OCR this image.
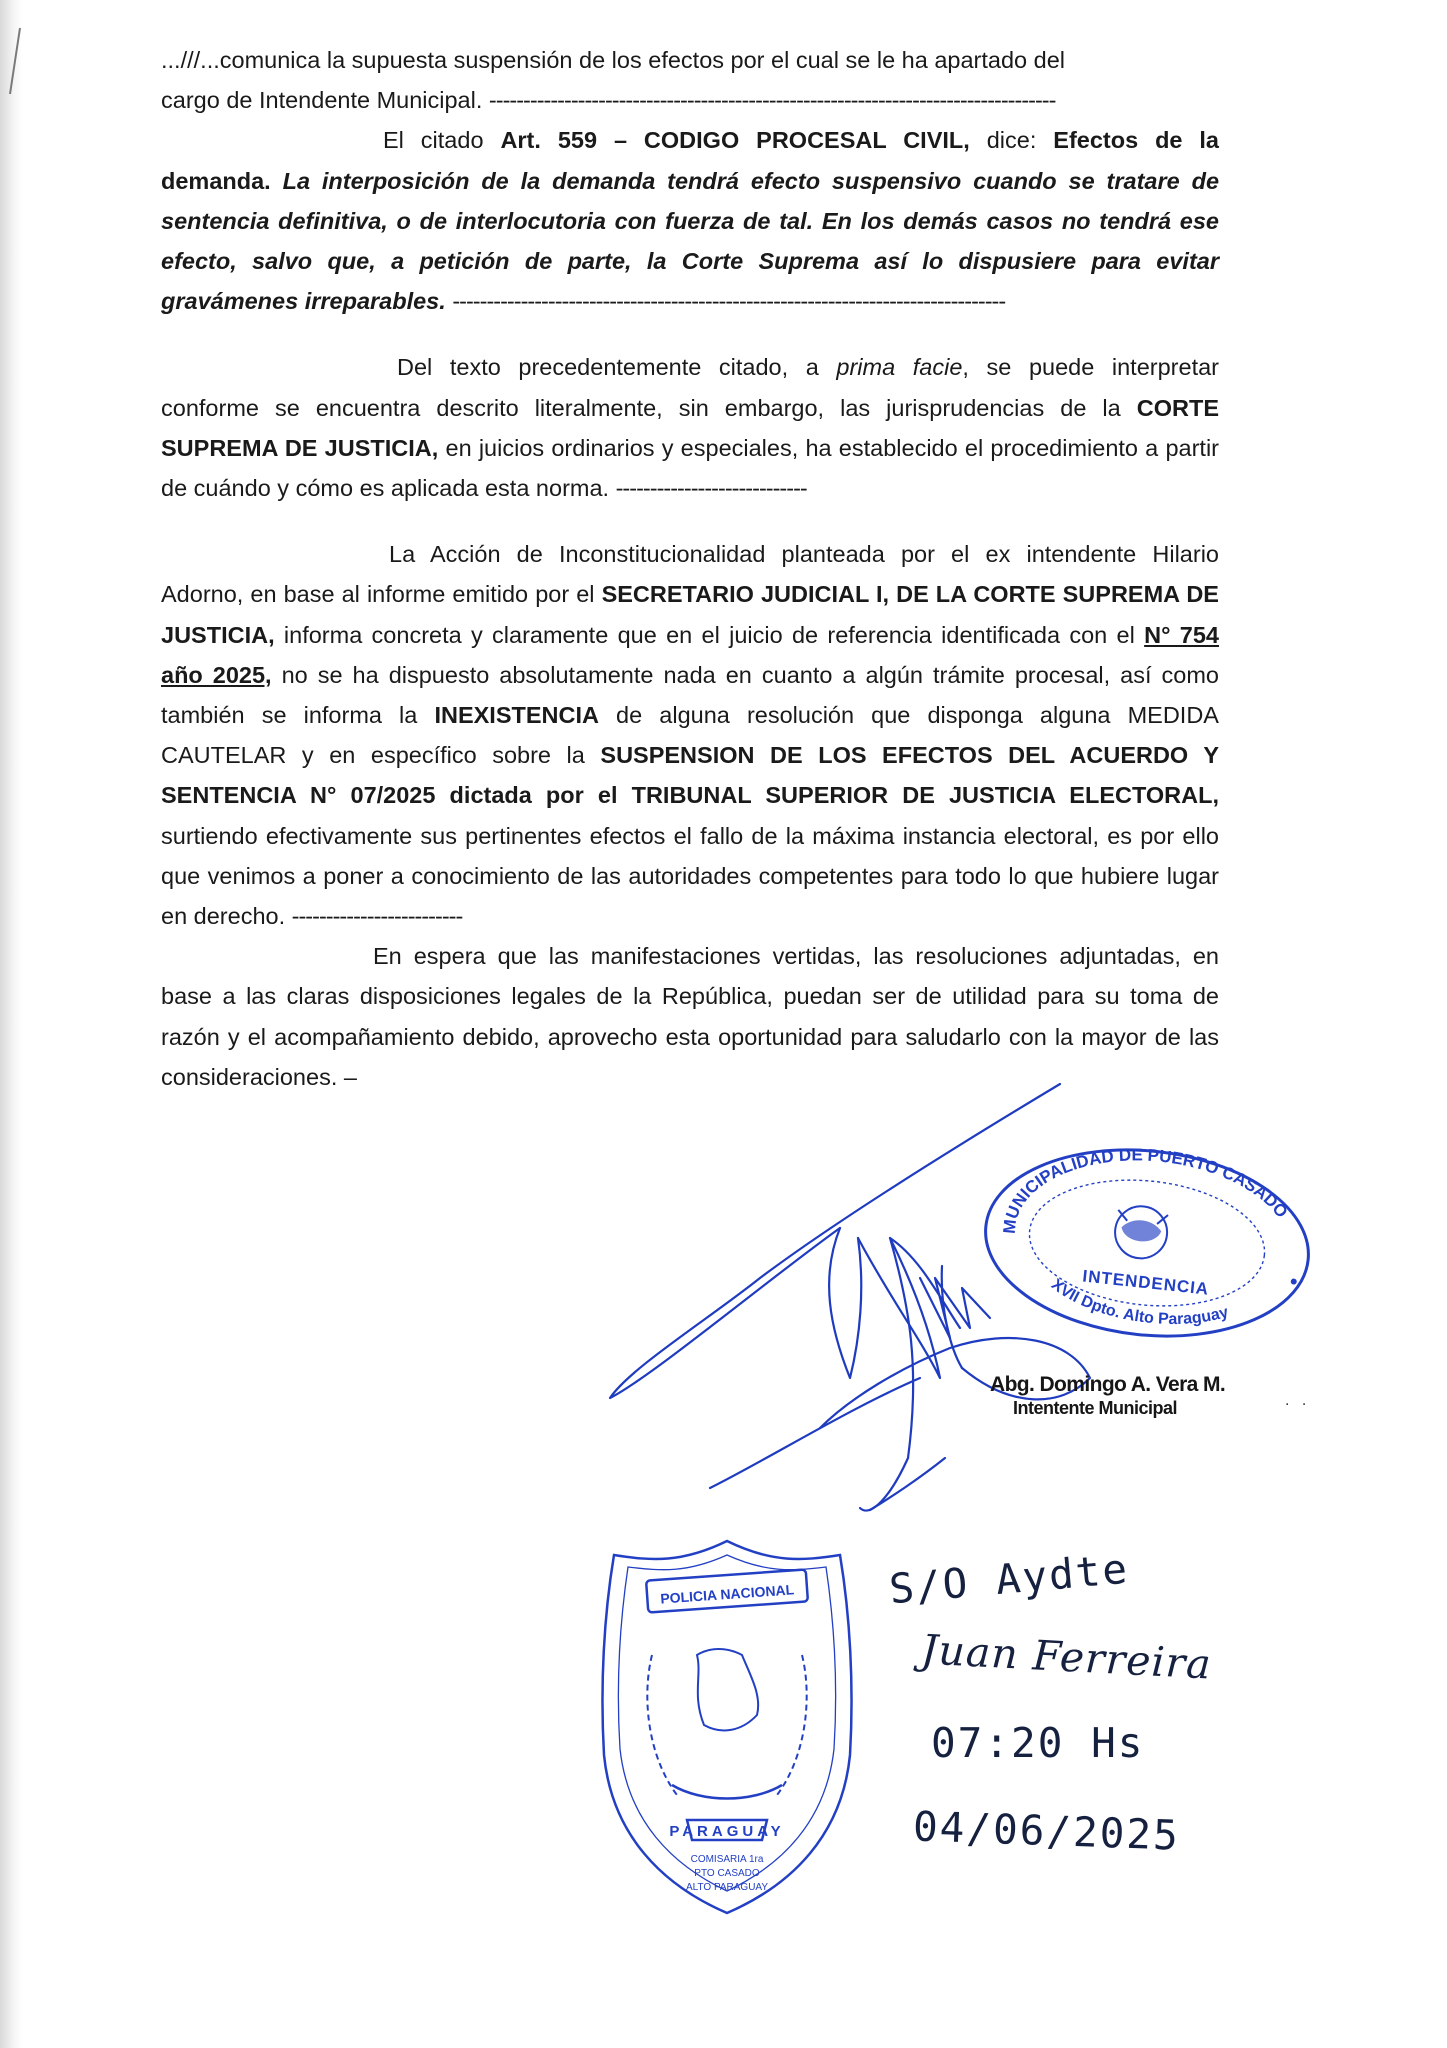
...///...comunica la supuesta suspensión de los efectos por el cual se le ha apartado del
cargo de Intendente Municipal. -----------------------------------------------------------------------------------

El citado Art. 559 – CODIGO PROCESAL CIVIL, dice: Efectos de la demanda. La interposición de la demanda tendrá efecto suspensivo cuando se tratare de sentencia definitiva, o de interlocutoria con fuerza de tal. En los demás casos no tendrá ese efecto, salvo que, a petición de parte, la Corte Suprema así lo dispusiere para evitar gravámenes irreparables. ---------------------------------------------------------------------------------

Del texto precedentemente citado, a prima facie, se puede interpretar conforme se encuentra descrito literalmente, sin embargo, las jurisprudencias de la CORTE SUPREMA DE JUSTICIA, en juicios ordinarios y especiales, ha establecido el procedimiento a partir de cuándo y cómo es aplicada esta norma. ----------------------------

La Acción de Inconstitucionalidad planteada por el ex intendente Hilario Adorno, en base al informe emitido por el SECRETARIO JUDICIAL I, DE LA CORTE SUPREMA DE JUSTICIA, informa concreta y claramente que en el juicio de referencia identificada con el N° 754 año 2025, no se ha dispuesto absolutamente nada en cuanto a algún trámite procesal, así como también se informa la INEXISTENCIA de alguna resolución que disponga alguna MEDIDA CAUTELAR y en específico sobre la SUSPENSION DE LOS EFECTOS DEL ACUERDO Y SENTENCIA N° 07/2025 dictada por el TRIBUNAL SUPERIOR DE JUSTICIA ELECTORAL, surtiendo efectivamente sus pertinentes efectos el fallo de la máxima instancia electoral, es por ello que venimos a poner a conocimiento de las autoridades competentes para todo lo que hubiere lugar en derecho. -------------------------

En espera que las manifestaciones vertidas, las resoluciones adjuntadas, en base a las claras disposiciones legales de la República, puedan ser de utilidad para su toma de razón y el acompañamiento debido, aprovecho esta oportunidad para saludarlo con la mayor de las consideraciones. –

MUNICIPALIDAD DE PUERTO CASADO
XVII Dpto. Alto Paraguay
INTENDENCIA
Abg. Domingo A. Vera M.
Intentente Municipal	. .
POLICIA NACIONAL
PARAGUAY
COMISARIA 1ra
PTO CASADO
ALTO PARAGUAY
S/O Aydte
Juan Ferreira
07:20 Hs
04/06/2025
